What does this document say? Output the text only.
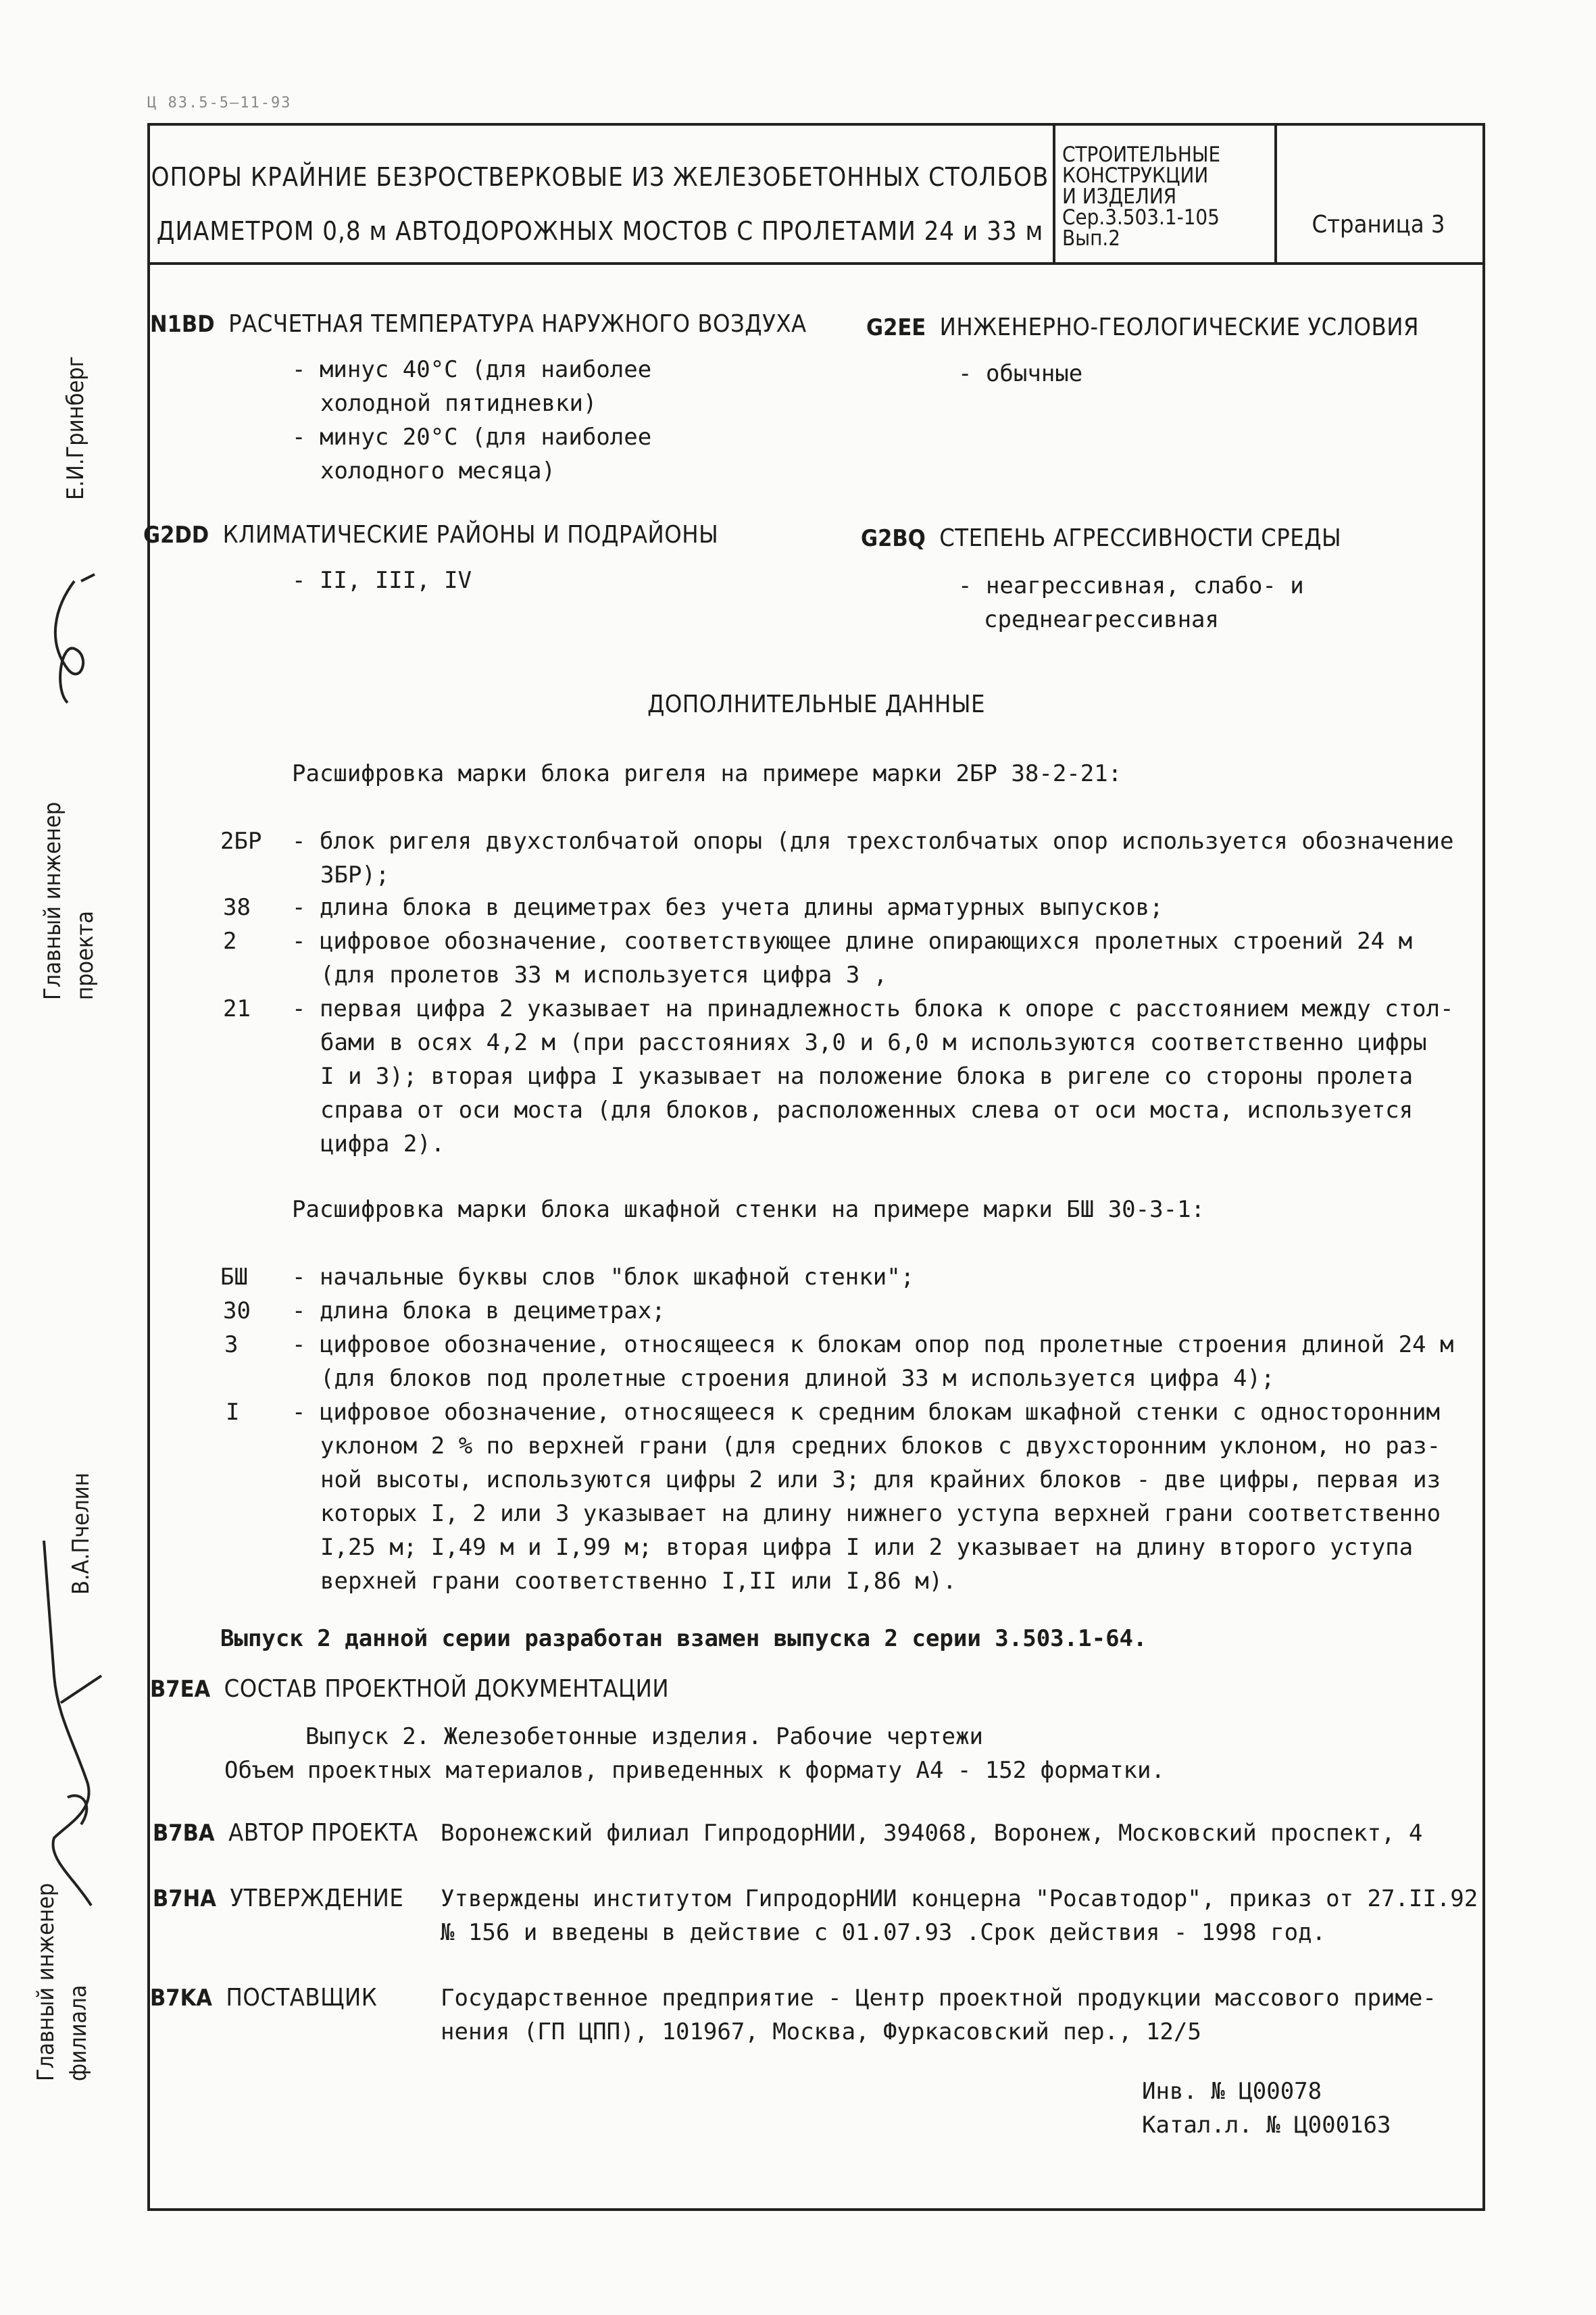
Ц 83.5-5—11-93
ОПОРЫ КРАЙНИЕ БЕЗРОСТВЕРКОВЫЕ ИЗ ЖЕЛЕЗОБЕТОННЫХ СТОЛБОВ
ДИАМЕТРОМ 0,8 м АВТОДОРОЖНЫХ МОСТОВ С ПРОЛЕТАМИ 24 и 33 м
СТРОИТЕЛЬНЫЕ
КОНСТРУКЦИИ
И ИЗДЕЛИЯ
Сер.3.503.1-105
Вып.2	Страница 3
Е.И.Гринберг
Главный инженер проекта
В.А.Пчелин
Главный инженер филиала
N1BD РАСЧЕТНАЯ ТЕМПЕРАТУРА НАРУЖНОГО ВОЗДУХА
- минус 40°С (для наиболее
холодной пятидневки)
- минус 20°С (для наиболее
холодного месяца)
G2EE ИНЖЕНЕРНО-ГЕОЛОГИЧЕСКИЕ УСЛОВИЯ
- обычные
G2DD КЛИМАТИЧЕСКИЕ РАЙОНЫ И ПОДРАЙОНЫ
- II, III, IV
G2BQ СТЕПЕНЬ АГРЕССИВНОСТИ СРЕДЫ
- неагрессивная, слабо- и
среднеагрессивная
ДОПОЛНИТЕЛЬНЫЕ ДАННЫЕ
Расшифровка марки блока ригеля на примере марки 2БР 38-2-21:
2БР - блок ригеля двухстолбчатой опоры (для трехстолбчатых опор используется обозначение
3БР);
38 - длина блока в дециметрах без учета длины арматурных выпусков;
2 - цифровое обозначение, соответствующее длине опирающихся пролетных строений 24 м
(для пролетов 33 м используется цифра 3 ,
21 - первая цифра 2 указывает на принадлежность блока к опоре с расстоянием между стол-
бами в осях 4,2 м (при расстояниях 3,0 и 6,0 м используются соответственно цифры
I и 3); вторая цифра I указывает на положение блока в ригеле со стороны пролета
справа от оси моста (для блоков, расположенных слева от оси моста, используется
цифра 2).
Расшифровка марки блока шкафной стенки на примере марки БШ 30-3-1:
БШ - начальные буквы слов "блок шкафной стенки";
30 - длина блока в дециметрах;
3 - цифровое обозначение, относящееся к блокам опор под пролетные строения длиной 24 м
(для блоков под пролетные строения длиной 33 м используется цифра 4);
I - цифровое обозначение, относящееся к средним блокам шкафной стенки с односторонним
уклоном 2 % по верхней грани (для средних блоков с двухсторонним уклоном, но раз-
ной высоты, используются цифры 2 или 3; для крайних блоков - две цифры, первая из
которых I, 2 или 3 указывает на длину нижнего уступа верхней грани соответственно
I,25 м; I,49 м и I,99 м; вторая цифра I или 2 указывает на длину второго уступа
верхней грани соответственно I,II или I,86 м).
Выпуск 2 данной серии разработан взамен выпуска 2 серии 3.503.1-64.
B7EA СОСТАВ ПРОЕКТНОЙ ДОКУМЕНТАЦИИ
Выпуск 2. Железобетонные изделия. Рабочие чертежи
Объем проектных материалов, приведенных к формату А4 - 152 форматки.
B7BA АВТОР ПРОЕКТА Воронежский филиал ГипродорНИИ, 394068, Воронеж, Московский проспект, 4
B7HA УТВЕРЖДЕНИЕ Утверждены институтом ГипродорНИИ концерна "Росавтодор", приказ от 27.II.92
№ 156 и введены в действие с 01.07.93 .Срок действия - 1998 год.
B7KA ПОСТАВЩИК	Государственное предприятие - Центр проектной продукции массового приме-
нения (ГП ЦПП), 101967, Москва, Фуркасовский пер., 12/5
Инв. № Ц00078
Катал.л. № Ц000163
